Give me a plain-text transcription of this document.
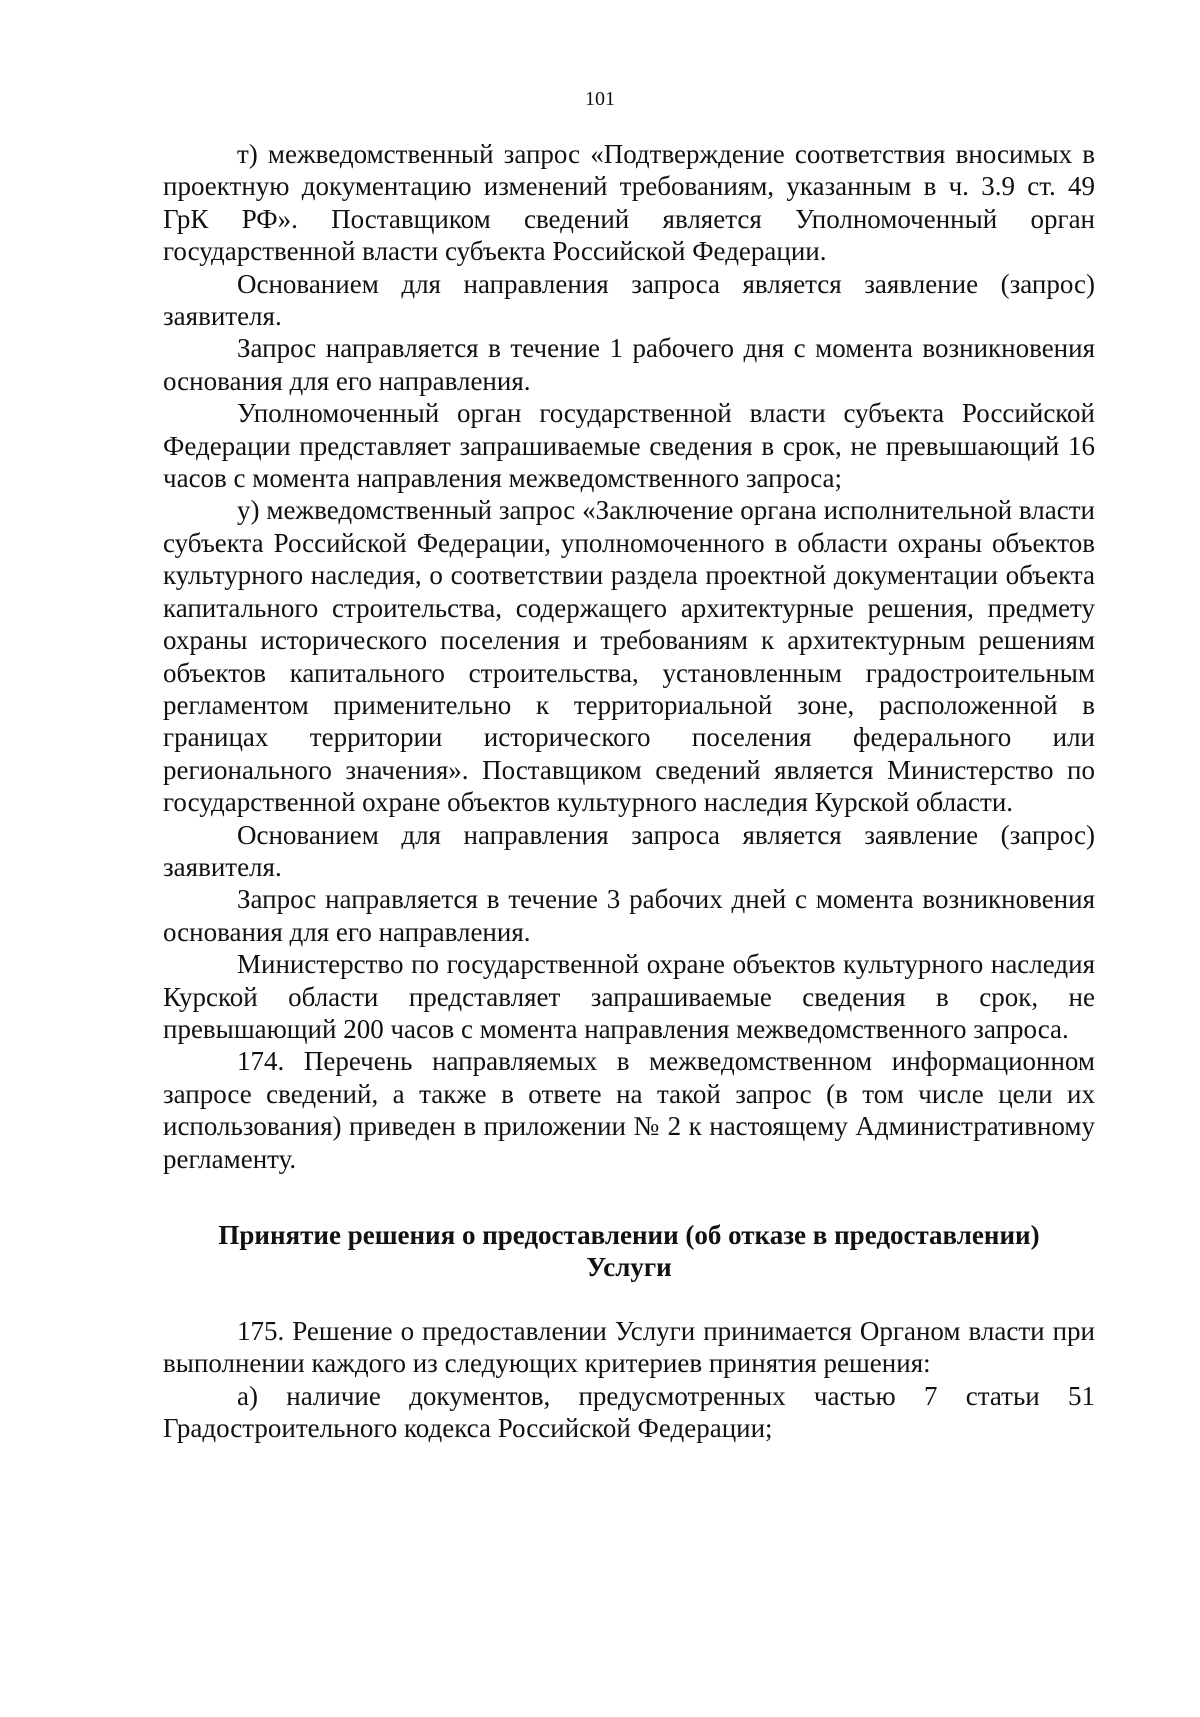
101

т) межведомственный запрос «Подтверждение соответствия вносимых в проектную документацию изменений требованиям, указанным в ч. 3.9 ст. 49 ГрК РФ». Поставщиком сведений является Уполномоченный орган государственной власти субъекта Российской Федерации.

Основанием для направления запроса является заявление (запрос) заявителя.

Запрос направляется в течение 1 рабочего дня с момента возникновения основания для его направления.

Уполномоченный орган государственной власти субъекта Российской Федерации представляет запрашиваемые сведения в срок, не превышающий 16 часов с момента направления межведомственного запроса;

у) межведомственный запрос «Заключение органа исполнительной власти субъекта Российской Федерации, уполномоченного в области охраны объектов культурного наследия, о соответствии раздела проектной документации объекта капитального строительства, содержащего архитектурные решения, предмету охраны исторического поселения и требованиям к архитектурным решениям объектов капитального строительства, установленным градостроительным регламентом применительно к территориальной зоне, расположенной в границах территории исторического поселения федерального или регионального значения». Поставщиком сведений является Министерство по государственной охране объектов культурного наследия Курской области.

Основанием для направления запроса является заявление (запрос) заявителя.

Запрос направляется в течение 3 рабочих дней с момента возникновения основания для его направления.

Министерство по государственной охране объектов культурного наследия Курской области представляет запрашиваемые сведения в срок, не превышающий 200 часов с момента направления межведомственного запроса.

174. Перечень направляемых в межведомственном информационном запросе сведений, а также в ответе на такой запрос (в том числе цели их использования) приведен в приложении № 2 к настоящему Административному регламенту.

Принятие решения о предоставлении (об отказе в предоставлении)
Услуги

175. Решение о предоставлении Услуги принимается Органом власти при выполнении каждого из следующих критериев принятия решения:

а) наличие документов, предусмотренных частью 7 статьи 51 Градостроительного кодекса Российской Федерации;
